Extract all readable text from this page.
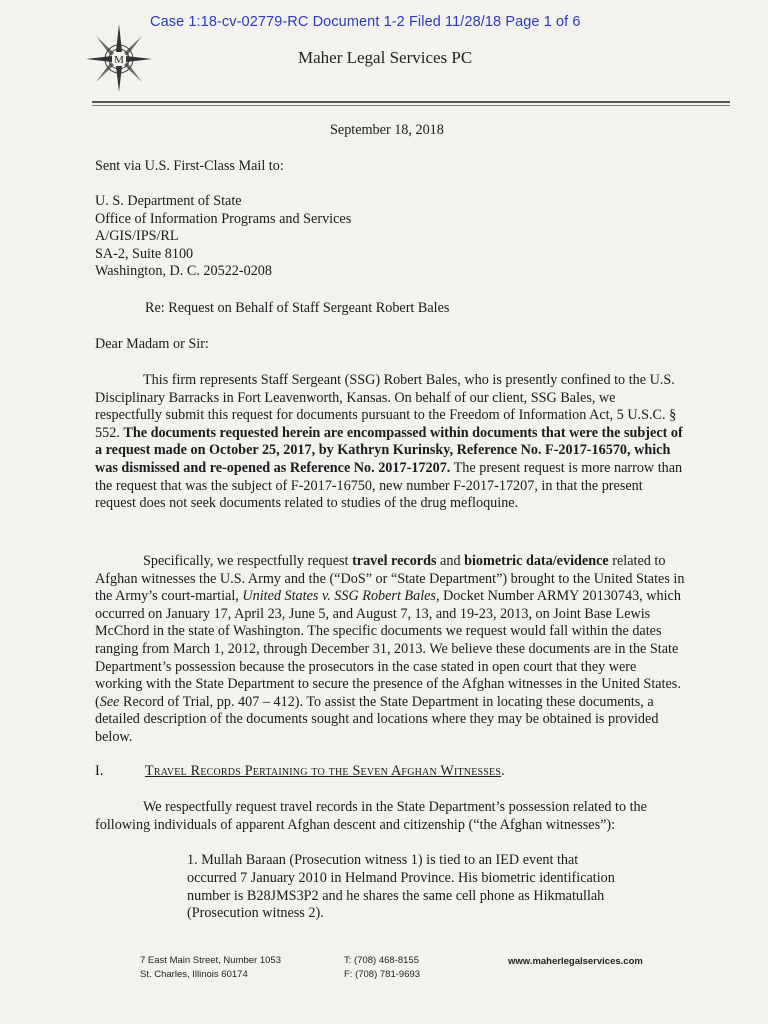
Case 1:18-cv-02779-RC Document 1-2 Filed 11/28/18 Page 1 of 6
M	Maher Legal Services PC
September 18, 2018
Sent via U.S. First-Class Mail to:
U. S. Department of State
Office of Information Programs and Services
A/GIS/IPS/RL
SA-2, Suite 8100
Washington, D. C. 20522-0208
Re: Request on Behalf of Staff Sergeant Robert Bales
Dear Madam or Sir:
This firm represents Staff Sergeant (SSG) Robert Bales, who is presently confined to the U.S. Disciplinary Barracks in Fort Leavenworth, Kansas. On behalf of our client, SSG Bales, we respectfully submit this request for documents pursuant to the Freedom of Information Act, 5 U.S.C. § 552. The documents requested herein are encompassed within documents that were the subject of a request made on October 25, 2017, by Kathryn Kurinsky, Reference No. F-2017-16570, which was dismissed and re-opened as Reference No. 2017-17207. The present request is more narrow than the request that was the subject of F-2017-16750, new number F-2017-17207, in that the present request does not seek documents related to studies of the drug mefloquine.
Specifically, we respectfully request travel records and biometric data/evidence related to Afghan witnesses the U.S. Army and the (“DoS” or “State Department”) brought to the United States in the Army’s court-martial, United States v. SSG Robert Bales, Docket Number ARMY 20130743, which occurred on January 17, April 23, June 5, and August 7, 13, and 19-23, 2013, on Joint Base Lewis McChord in the state of Washington. The specific documents we request would fall within the dates ranging from March 1, 2012, through December 31, 2013. We believe these documents are in the State Department’s possession because the prosecutors in the case stated in open court that they were working with the State Department to secure the presence of the Afghan witnesses in the United States. (See Record of Trial, pp. 407 – 412). To assist the State Department in locating these documents, a detailed description of the documents sought and locations where they may be obtained is provided below.
I.	Travel Records Pertaining to the Seven Afghan Witnesses.
We respectfully request travel records in the State Department’s possession related to the following individuals of apparent Afghan descent and citizenship (“the Afghan witnesses”):
1. Mullah Baraan (Prosecution witness 1) is tied to an IED event that occurred 7 January 2010 in Helmand Province. His biometric identification number is B28JMS3P2 and he shares the same cell phone as Hikmatullah (Prosecution witness 2).
7 East Main Street, Number 1053
St. Charles, Illinois 60174
T: (708) 468-8155
F: (708) 781-9693
www.maherlegalservices.com
